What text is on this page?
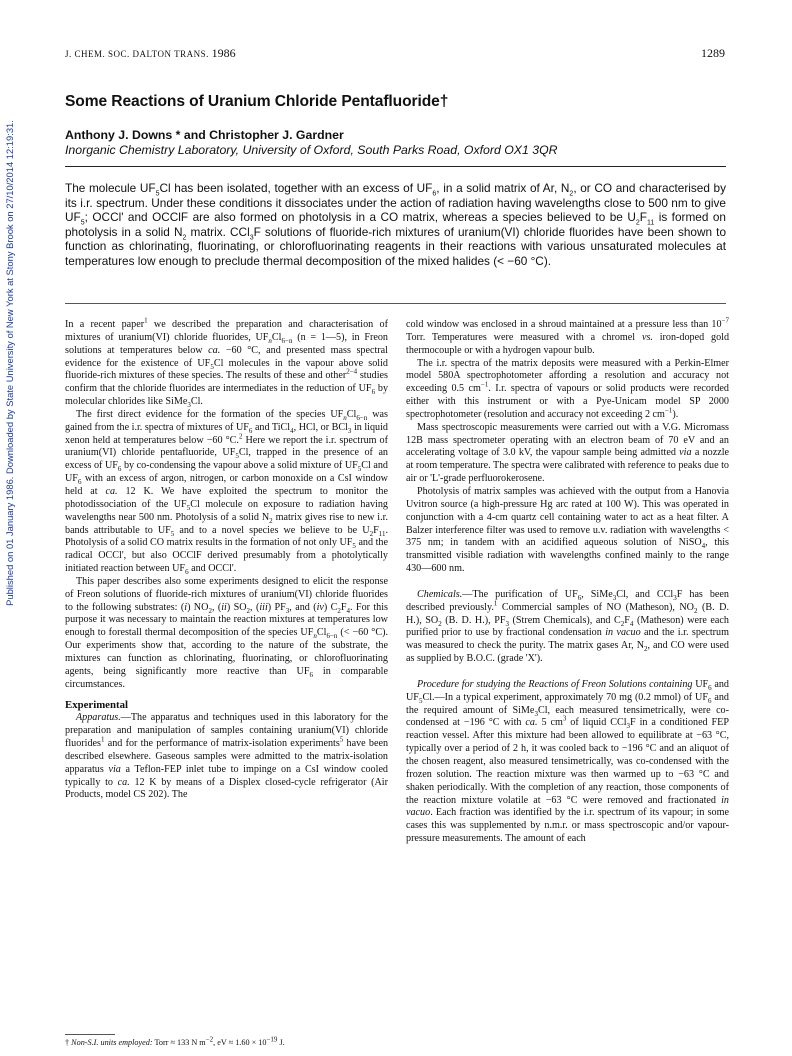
Published on 01 January 1986. Downloaded by State University of New York at Stony Brook on 27/10/2014 12:19:31.
J. CHEM. SOC. DALTON TRANS. 1986	1289
Some Reactions of Uranium Chloride Pentafluoride†
Anthony J. Downs * and Christopher J. Gardner
Inorganic Chemistry Laboratory, University of Oxford, South Parks Road, Oxford OX1 3QR
The molecule $UF_5Cl$ has been isolated, together with an excess of $UF_6$, in a solid matrix of Ar, $N_2$, or CO and characterised by its i.r. spectrum. Under these conditions it dissociates under the action of radiation having wavelengths close to 500 nm to give $UF_5$; OCCl' and OCClF are also formed on photolysis in a CO matrix, whereas a species believed to be $U_2F_{11}$ is formed on photolysis in a solid $N_2$ matrix. CCl$_3$F solutions of fluoride-rich mixtures of uranium(VI) chloride fluorides have been shown to function as chlorinating, fluorinating, or chlorofluorinating reagents in their reactions with various unsaturated molecules at temperatures low enough to preclude thermal decomposition of the mixed halides (< −60 °C).

In a recent paper$^1$ we described the preparation and characterisation of mixtures of uranium(VI) chloride fluorides, $UF_nCl_{6-n}$ (n = 1—5), in Freon solutions at temperatures below ca. −60 °C, and presented mass spectral evidence for the existence of $UF_5Cl$ molecules in the vapour above solid fluoride-rich mixtures of these species. The results of these and other$^{2-4}$ studies confirm that the chloride fluorides are intermediates in the reduction of $UF_6$ by molecular chlorides like SiMe$_3$Cl.

The first direct evidence for the formation of the species $UF_nCl_{6-n}$ was gained from the i.r. spectra of mixtures of $UF_6$ and TiCl$_4$, HCl, or BCl$_3$ in liquid xenon held at temperatures below −60 °C.$^2$ Here we report the i.r. spectrum of uranium(VI) chloride pentafluoride, $UF_5Cl$, trapped in the presence of an excess of $UF_6$ by co-condensing the vapour above a solid mixture of $UF_5Cl$ and $UF_6$ with an excess of argon, nitrogen, or carbon monoxide on a CsI window held at ca. 12 K. We have exploited the spectrum to monitor the photodissociation of the $UF_5Cl$ molecule on exposure to radiation having wavelengths near 500 nm. Photolysis of a solid $N_2$ matrix gives rise to new i.r. bands attributable to $UF_5$ and to a novel species we believe to be $U_2F_{11}$. Photolysis of a solid CO matrix results in the formation of not only $UF_5$ and the radical OCCl', but also OCClF derived presumably from a photolytically initiated reaction between $UF_6$ and OCCl'.

This paper describes also some experiments designed to elicit the response of Freon solutions of fluoride-rich mixtures of uranium(VI) chloride fluorides to the following substrates: (i) $NO_2$, (ii) $SO_2$, (iii) $PF_3$, and (iv) $C_2F_4$. For this purpose it was necessary to maintain the reaction mixtures at temperatures low enough to forestall thermal decomposition of the species $UF_nCl_{6-n}$ (< −60 °C). Our experiments show that, according to the nature of the substrate, the mixtures can function as chlorinating, fluorinating, or chlorofluorinating agents, being significantly more reactive than $UF_6$ in comparable circumstances.

Experimental

Apparatus.—The apparatus and techniques used in this laboratory for the preparation and manipulation of samples containing uranium(VI) chloride fluorides$^1$ and for the performance of matrix-isolation experiments$^5$ have been described elsewhere. Gaseous samples were admitted to the matrix-isolation apparatus via a Teflon-FEP inlet tube to impinge on a CsI window cooled typically to ca. 12 K by means of a Displex closed-cycle refrigerator (Air Products, model CS 202). The

cold window was enclosed in a shroud maintained at a pressure less than $10^{-7}$ Torr. Temperatures were measured with a chromel vs. iron-doped gold thermocouple or with a hydrogen vapour bulb.

The i.r. spectra of the matrix deposits were measured with a Perkin-Elmer model 580A spectrophotometer affording a resolution and accuracy not exceeding 0.5 $cm^{-1}$. I.r. spectra of vapours or solid products were recorded either with this instrument or with a Pye-Unicam model SP 2000 spectrophotometer (resolution and accuracy not exceeding 2 $cm^{-1}$).

Mass spectroscopic measurements were carried out with a V.G. Micromass 12B mass spectrometer operating with an electron beam of 70 eV and an accelerating voltage of 3.0 kV, the vapour sample being admitted via a nozzle at room temperature. The spectra were calibrated with reference to peaks due to air or 'L'-grade perfluorokerosene.

Photolysis of matrix samples was achieved with the output from a Hanovia Uvitron source (a high-pressure Hg arc rated at 100 W). This was operated in conjunction with a 4-cm quartz cell containing water to act as a heat filter. A Balzer interference filter was used to remove u.v. radiation with wavelengths < 375 nm; in tandem with an acidified aqueous solution of NiSO$_4$, this transmitted visible radiation with wavelengths confined mainly to the range 430—600 nm.

Chemicals.—The purification of $UF_6$, SiMe$_3$Cl, and CCl$_3$F has been described previously.$^1$ Commercial samples of NO (Matheson), $NO_2$ (B. D. H.), $SO_2$ (B. D. H.), $PF_3$ (Strem Chemicals), and $C_2F_4$ (Matheson) were each purified prior to use by fractional condensation in vacuo and the i.r. spectrum was measured to check the purity. The matrix gases Ar, $N_2$, and CO were used as supplied by B.O.C. (grade 'X').

Procedure for studying the Reactions of Freon Solutions containing $UF_6$ and $UF_5Cl.—In$ a typical experiment, approximately 70 mg (0.2 mmol) of $UF_6$ and the required amount of SiMe$_3$Cl, each measured tensimetrically, were co-condensed at −196 °C with ca. 5 $cm^3$ of liquid CCl$_3$F in a conditioned FEP reaction vessel. After this mixture had been allowed to equilibrate at −63 °C, typically over a period of 2 h, it was cooled back to −196 °C and an aliquot of the chosen reagent, also measured tensimetrically, was co-condensed with the frozen solution. The reaction mixture was then warmed up to −63 °C and shaken periodically. With the completion of any reaction, those components of the reaction mixture volatile at −63 °C were removed and fractionated in vacuo. Each fraction was identified by the i.r. spectrum of its vapour; in some cases this was supplemented by n.m.r. or mass spectroscopic and/or vapour-pressure measurements. The amount of each

† Non-S.I. units employed: Torr ≈ 133 N $m^{-2}$, eV ≈ $1.60 \times 10^{-19}$ J.
